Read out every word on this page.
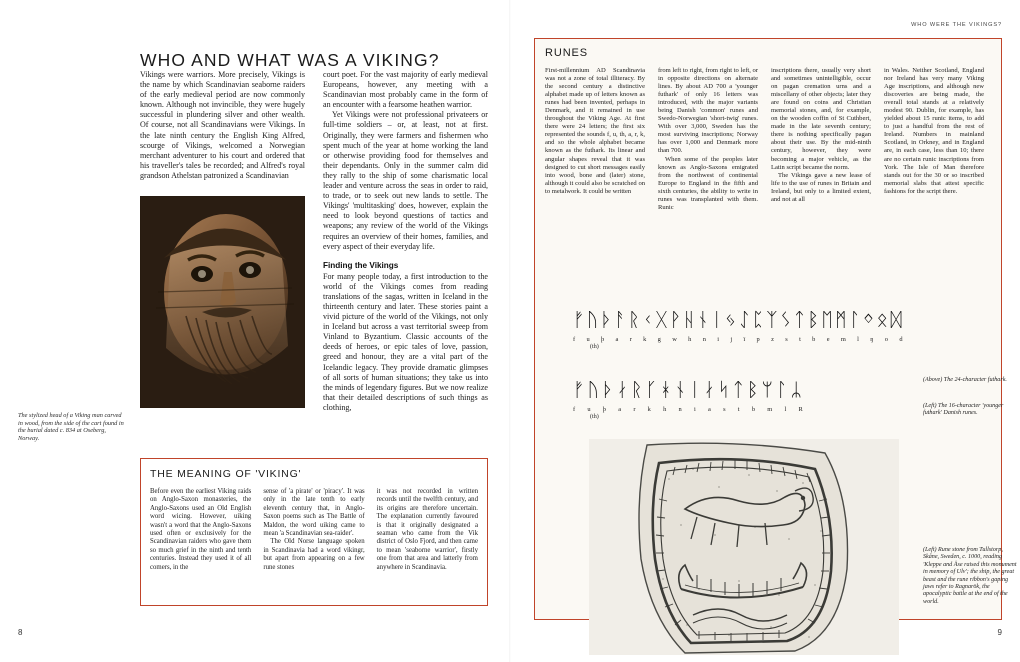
WHO AND WHAT WAS A VIKING?

Vikings were warriors. More precisely, Vikings is the name by which Scandinavian seaborne raiders of the early medieval period are now commonly known. Although not invincible, they were hugely successful in plundering silver and other wealth. Of course, not all Scandinavians were Vikings. In the late ninth century the English King Alfred, scourge of Vikings, welcomed a Norwegian merchant adventurer to his court and ordered that his traveller's tales be recorded; and Alfred's royal grandson Athelstan patronized a Scandinavian

court poet. For the vast majority of early medieval Europeans, however, any meeting with a Scandinavian most probably came in the form of an encounter with a fearsome heathen warrior.

Yet Vikings were not professional privateers or full-time soldiers – or, at least, not at first. Originally, they were farmers and fishermen who spent much of the year at home working the land or otherwise providing food for themselves and their dependants. Only in the summer calm did they rally to the ship of some charismatic local leader and venture across the seas in order to raid, to trade, or to seek out new lands to settle. The Vikings' 'multitasking' does, however, explain the need to look beyond questions of tactics and weapons; any review of the world of the Vikings requires an overview of their homes, families, and every aspect of their everyday life.

Finding the Vikings

For many people today, a first introduction to the world of the Vikings comes from reading translations of the sagas, written in Iceland in the thirteenth century and later. These stories paint a vivid picture of the world of the Vikings, not only in Iceland but across a vast territorial sweep from Vinland to Byzantium. Classic accounts of the deeds of heroes, or epic tales of love, passion, greed and honour, they are a vital part of the Icelandic legacy. They provide dramatic glimpses of all sorts of human situations; they take us into the minds of legendary figures. But we now realize that their detailed descriptions of such things as clothing,

The stylized head of a Viking man carved in wood, from the side of the cart found in the burial dated c. 834 at Oseberg, Norway.
THE MEANING OF 'VIKING'

Before even the earliest Viking raids on Anglo-Saxon monasteries, the Anglo-Saxons used an Old English word wicing. However, uiking wasn't a word that the Anglo-Saxons used often or exclusively for the Scandinavian raiders who gave them so much grief in the ninth and tenth centuries. Instead they used it of all comers, in the

sense of 'a pirate' or 'piracy'. It was only in the late tenth to early eleventh century that, in Anglo-Saxon poems such as The Battle of Maldon, the word uiking came to mean 'a Scandinavian sea-raider'.

The Old Norse language spoken in Scandinavia had a word vikingr, but apart from appearing on a few rune stones

it was not recorded in written records until the twelfth century, and its origins are therefore uncertain. The explanation currently favoured is that it originally designated a seaman who came from the Vik district of Oslo Fjord, and then came to mean 'seaborne warrior', firstly one from that area and latterly from anywhere in Scandinavia.

8
WHO WERE THE VIKINGS?
RUNES

First-millennium AD Scandinavia was not a zone of total illiteracy. By the second century a distinctive alphabet made up of letters known as runes had been invented, perhaps in Denmark, and it remained in use throughout the Viking Age. At first there were 24 letters; the first six represented the sounds f, u, th, a, r, k, and so the whole alphabet became known as the futhark. Its linear and angular shapes reveal that it was designed to cut short messages easily into wood, bone and (later) stone, although it could also be scratched on to metalwork. It could be written

from left to right, from right to left, or in opposite directions on alternate lines. By about AD 700 a 'younger futhark' of only 16 letters was introduced, with the major variants being Danish 'common' runes and Swedo-Norwegian 'short-twig' runes. With over 3,000, Sweden has the most surviving inscriptions; Norway has over 1,000 and Denmark more than 700.

When some of the peoples later known as Anglo-Saxons emigrated from the northwest of continental Europe to England in the fifth and sixth centuries, the ability to write in runes was transplanted with them. Runic

inscriptions there, usually very short and sometimes unintelligible, occur on pagan cremation urns and a miscellany of other objects; later they are found on coins and Christian memorial stones, and, for example, on the wooden coffin of St Cuthbert, made in the late seventh century; there is nothing specifically pagan about their use. By the mid-ninth century, however, they were becoming a major vehicle, as the Latin script became the norm.

The Vikings gave a new lease of life to the use of runes in Britain and Ireland, but only to a limited extent, and not at all

in Wales. Neither Scotland, England nor Ireland has very many Viking Age inscriptions, and although new discoveries are being made, the overall total stands at a relatively modest 90. Dublin, for example, has yielded about 15 runic items, to add to just a handful from the rest of Ireland. Numbers in mainland Scotland, in Orkney, and in England are, in each case, less than 10; there are no certain runic inscriptions from York. The Isle of Man therefore stands out for the 30 or so inscribed memorial slabs that attest specific fashions for the script there.

ᚠ ᚢ ᚦ ᚨ ᚱ ᚲ ᚷ ᚹ ᚺ ᚾ ᛁ ᛃ ᛇ ᛈ ᛉ ᛊ ᛏ ᛒ ᛖ ᛗ ᛚ ᛜ ᛟ ᛞ
f u þ a r k g w h n i j ï p z s t b e m l ŋ o d
(th)
ᚠ ᚢ ᚦ ᛅ ᚱ ᚴ ᚼ ᚾ ᛁ ᛅ ᛋ ᛏ ᛒ ᛘ ᛚ ᛦ
f u þ a r k h n i a s t b m l R
(th)
(Above) The 24-character futhark.
(Left) The 16-character 'younger futhark' Danish runes.
(Left) Rune stone from Tullstorp, Skåne, Sweden, c. 1000, reading 'Kleppe and Åse raised this monument in memory of Ulv'; the ship, the great beast and the rune ribbon's gaping jaws refer to Ragnarök, the apocalyptic battle at the end of the world.
9
